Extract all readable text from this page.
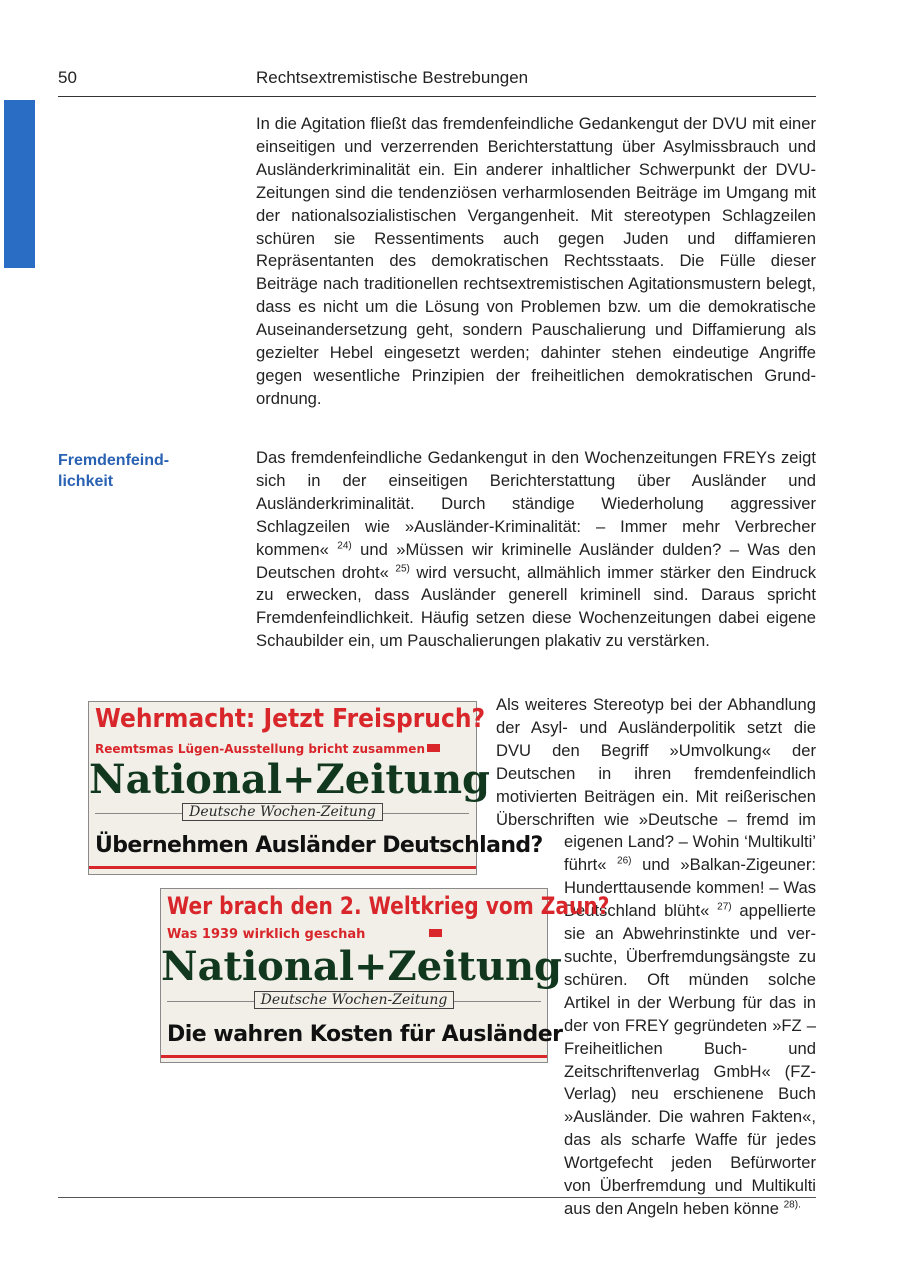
50	Rechtsextremistische Bestrebungen

In die Agitation fließt das fremdenfeindliche Gedankengut der DVU mit einer einseitigen und verzerrenden Berichterstattung über Asylmissbrauch und Ausländerkriminalität ein. Ein anderer inhaltlicher Schwerpunkt der DVU-Zeitungen sind die tendenziösen verharmlosenden Beiträge im Umgang mit der nationalsozialistischen Vergangenheit. Mit stereotypen Schlagzeilen schüren sie Ressentiments auch gegen Juden und diffamieren Repräsentanten des demokratischen Rechtsstaats. Die Fülle dieser Beiträge nach traditionellen rechtsextremistischen Agitationsmustern belegt, dass es nicht um die Lösung von Problemen bzw. um die demokratische Auseinandersetzung geht, sondern Pauschalierung und Diffamierung als gezielter Hebel eingesetzt werden; dahinter stehen eindeutige Angriffe gegen wesentliche Prinzipien der freiheitlichen demokratischen Grundordnung.

Fremdenfeind-
lichkeit

Das fremdenfeindliche Gedankengut in den Wochenzeitungen FREYs zeigt sich in der einseitigen Berichterstattung über Ausländer und Ausländerkriminalität. Durch ständige Wiederholung aggressiver Schlagzeilen wie »Ausländer-Kriminalität: – Immer mehr Verbrecher kommen« $^{24)}$ und »Müssen wir kriminelle Ausländer dulden? – Was den Deutschen droht« $^{25)}$ wird versucht, allmählich immer stärker den Eindruck zu erwecken, dass Ausländer generell kriminell sind. Daraus spricht Fremdenfeindlichkeit. Häufig setzen diese Wochenzeitungen dabei eigene Schaubilder ein, um Pauschalierungen plakativ zu verstärken.

Als weiteres Stereotyp bei der Abhandlung der Asyl- und Ausländerpolitik setzt die DVU den Begriff »Umvolkung« der Deutschen in ihren fremdenfeindlich motivierten Beiträgen ein. Mit reißerischen Überschriften wie »Deutsche – fremd im eigenen Land? – Wohin ‘Multikulti’ führt« $^{26)}$ und »Balkan-Zigeuner: Hunderttausende kommen! – Was Deutschland blüht« $^{27)}$ appellierte sie an Abwehrinstinkte und versuchte, Überfremdungsängste zu schüren. Oft münden solche Artikel in der Werbung für das in der von FREY gegründeten »FZ – Freiheitlichen Buch- und Zeitschriftenverlag GmbH« (FZ-Verlag) neu erschienene Buch »Ausländer. Die wahren Fakten«, das als scharfe Waffe für jedes Wortgefecht jeden Befürworter von Überfremdung und Multikulti aus den Angeln heben könne $^{28).}$

Wehrmacht: Jetzt Freispruch?
Reemtsmas Lügen-Ausstellung bricht zusammen

National+Zeitung
Deutsche Wochen-Zeitung
Übernehmen Ausländer Deutschland?
Wer brach den 2. Weltkrieg vom Zaun?
Was 1939 wirklich geschah

National+Zeitung
Deutsche Wochen-Zeitung
Die wahren Kosten für Ausländer
